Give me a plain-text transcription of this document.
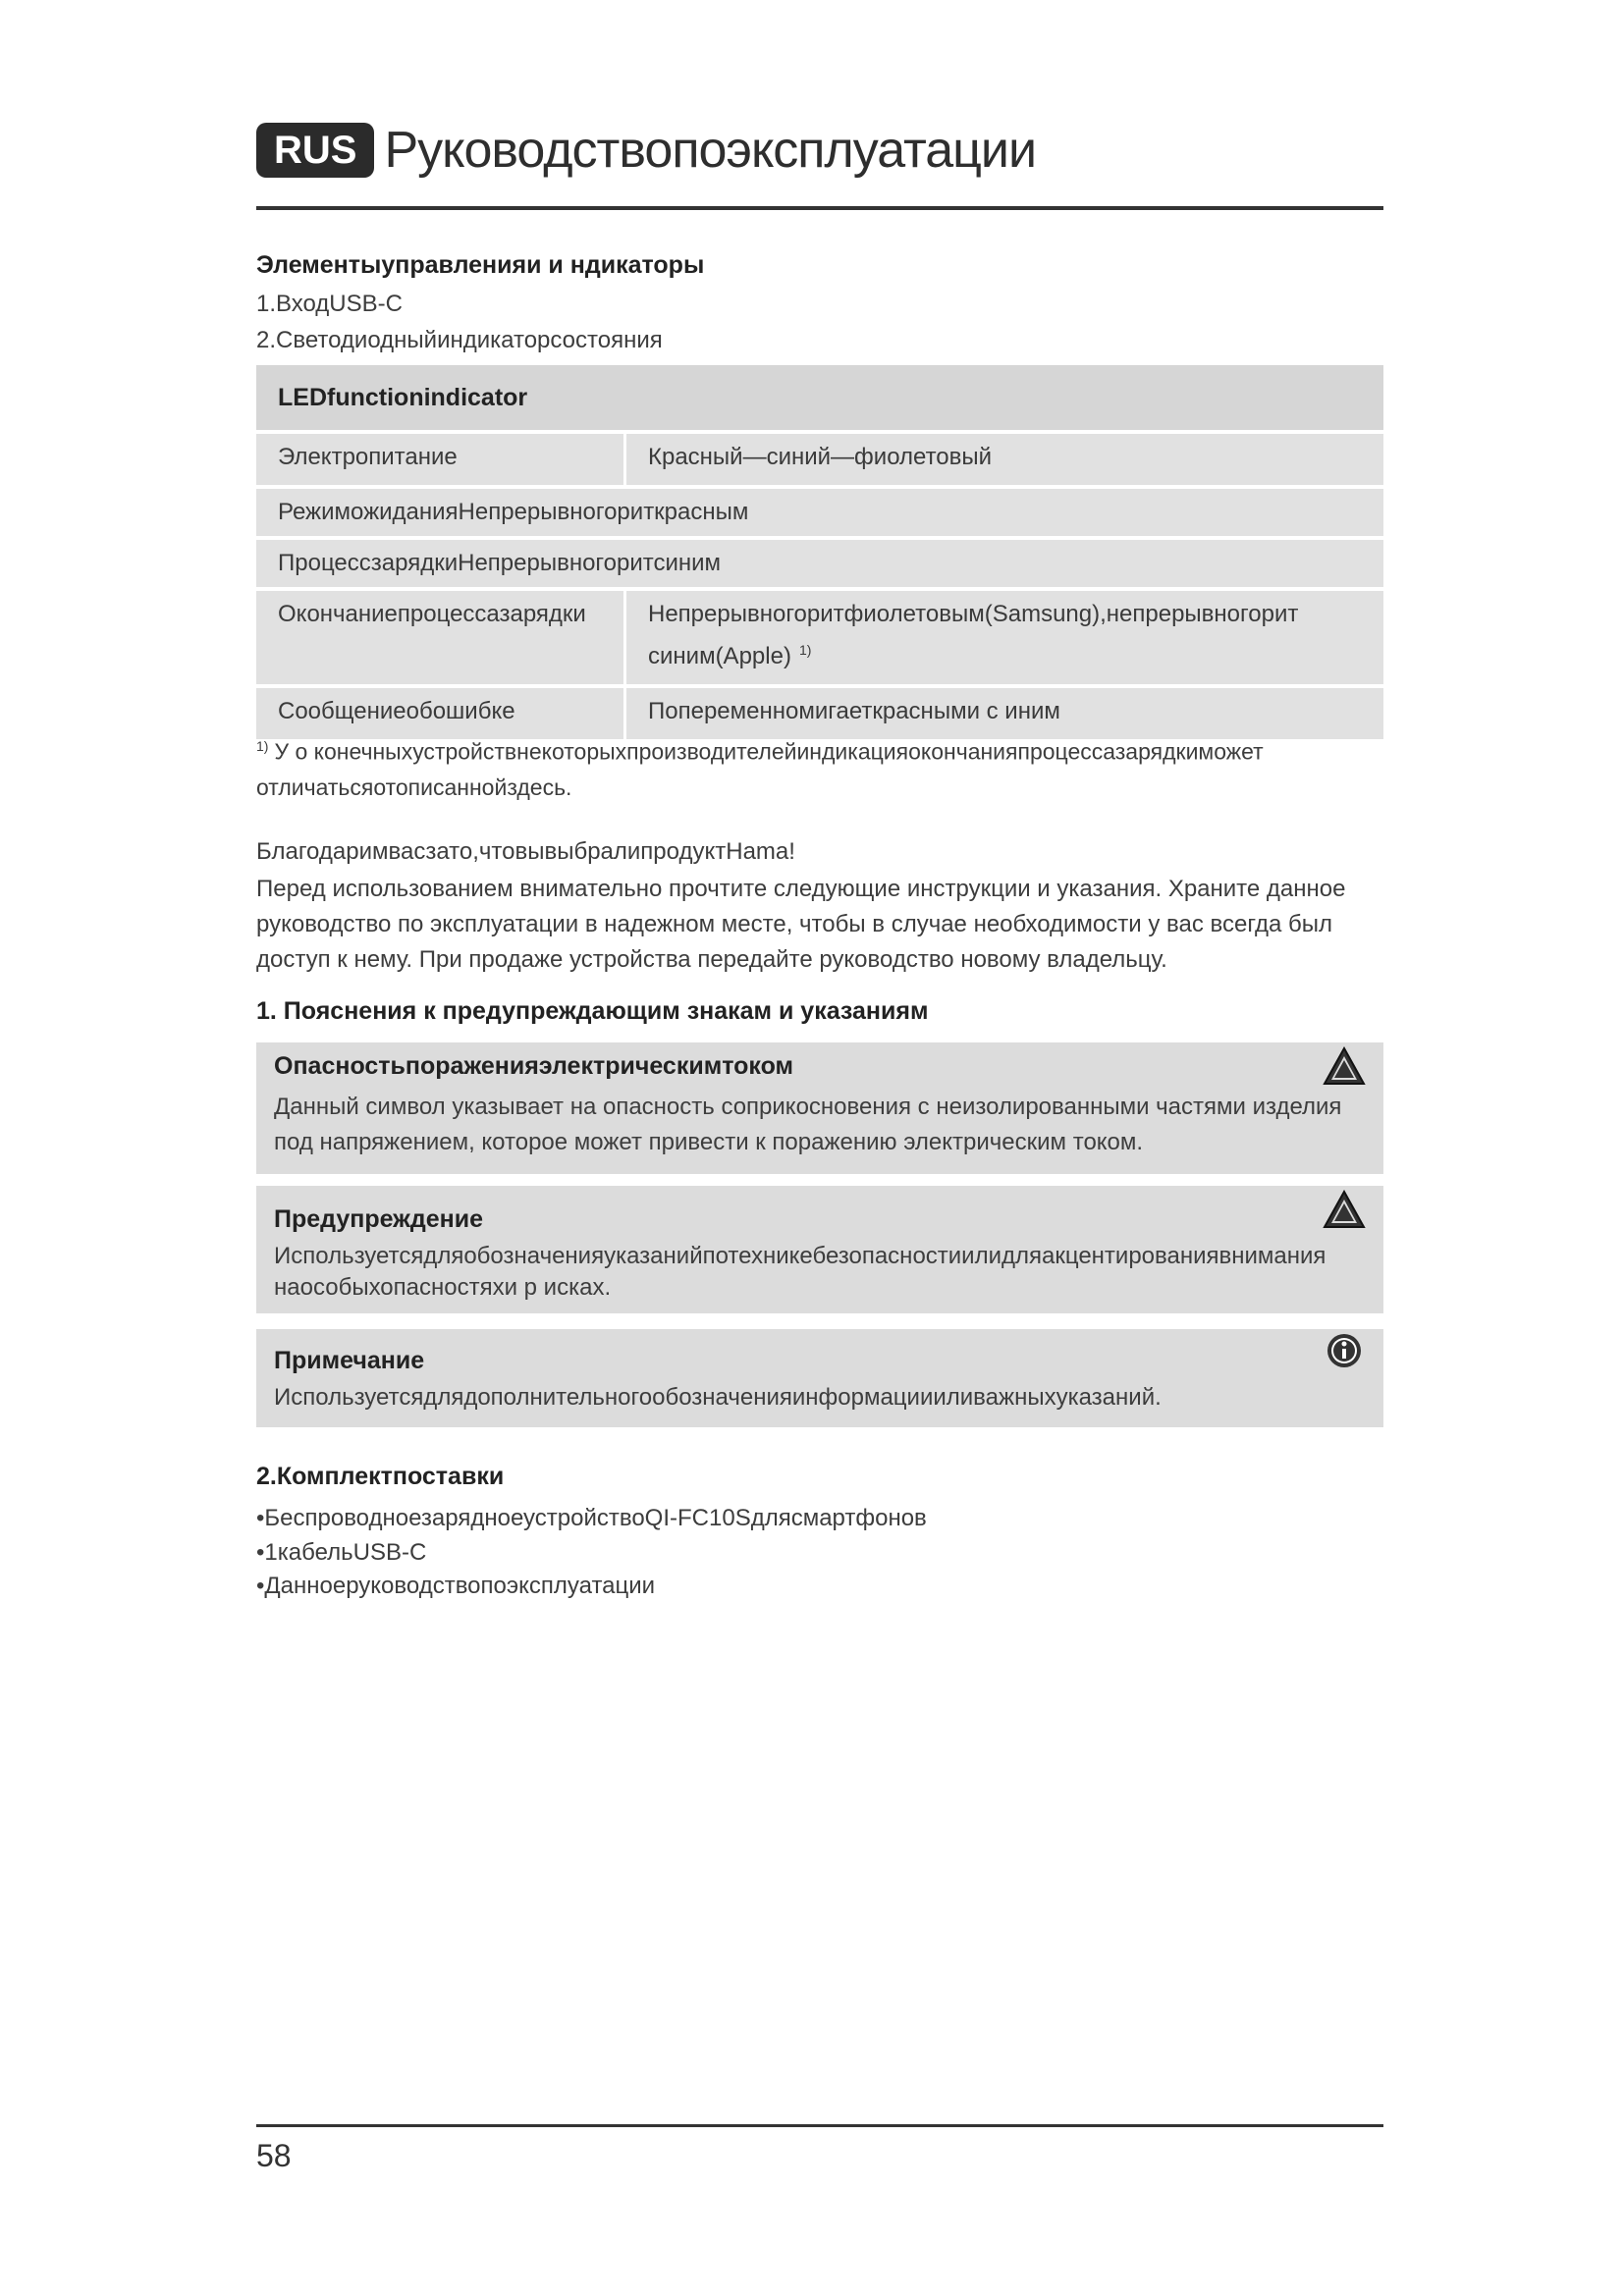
RUS Руководствопоэксплуатации
Элементыуправленияи и ндикаторы
1.ВходUSB-C
2.Светодиодныйиндикаторсостояния
LEDfunctionindicator
Электропитание	Красный—синий—фиолетовый
РежиможиданияНепрерывногориткрасным
ПроцессзарядкиНепрерывногоритсиним
Окончаниепроцессазарядки	Непрерывногоритфиолетовым(Samsung),непрерывногорит
синим(Apple) $^{1)}$
Сообщениеобошибке	Попеременномигаеткрасными с иним
$^{1)}$ У о конечныхустройствнекоторыхпроизводителейиндикацияокончанияпроцессазарядкиможет
отличатьсяотописаннойздесь.
Благодаримвасзато,чтовывыбралипродуктHama!
Перед использованием внимательно прочтите следующие инструкции и указания. Храните данное руководство по эксплуатации в надежном месте, чтобы в случае необходимости у вас всегда был доступ к нему. При продаже устройства передайте руководство новому владельцу.
1. Пояснения к предупреждающим знакам и указаниям
Опасностьпораженияэлектрическимтоком
Данный символ указывает на опасность соприкосновения с неизолированными частями изделия под напряжением, которое может привести к поражению электрическим током.
Предупреждение
Используетсядляобозначенияуказанийпотехникебезопасностиилидляакцентированиявнимания наособыхопасностяхи р исках.
Примечание
Используетсядлядополнительногообозначенияинформациииливажныхуказаний.
2.Комплектпоставки
•БеспроводноезарядноеустройствоQI-FC10Sдлясмартфонов
•1кабельUSB-C
•Данноеруководствопоэксплуатации
58
